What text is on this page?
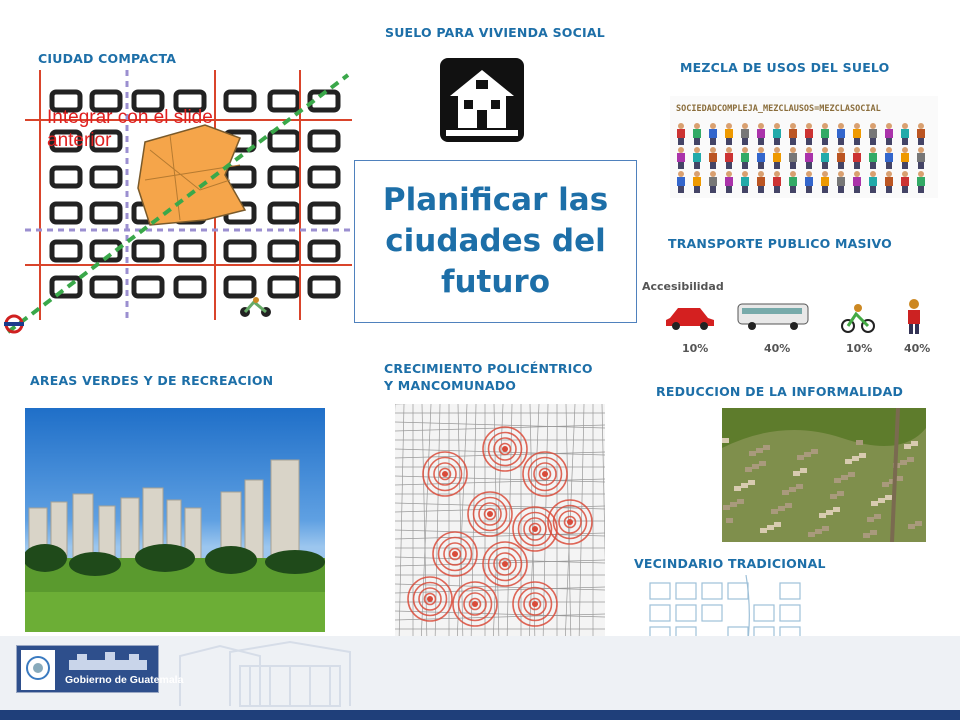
CIUDAD COMPACTA
SUELO PARA VIVIENDA SOCIAL
MEZCLA DE USOS DEL SUELO
TRANSPORTE PUBLICO MASIVO
AREAS VERDES Y DE RECREACION
CRECIMIENTO POLICÉNTRICO
Y MANCOMUNADO	REDUCCION DE LA INFORMALIDAD
VECINDARIO TRADICIONAL
Integrar con el slide anterior
Planificar las ciudades del futuro
SOCIEDADCOMPLEJA_MEZCLAUSOS=MEZCLASOCIAL
Accesibilidad
10%	40%	10%	40%
Gobierno de Guatemala
